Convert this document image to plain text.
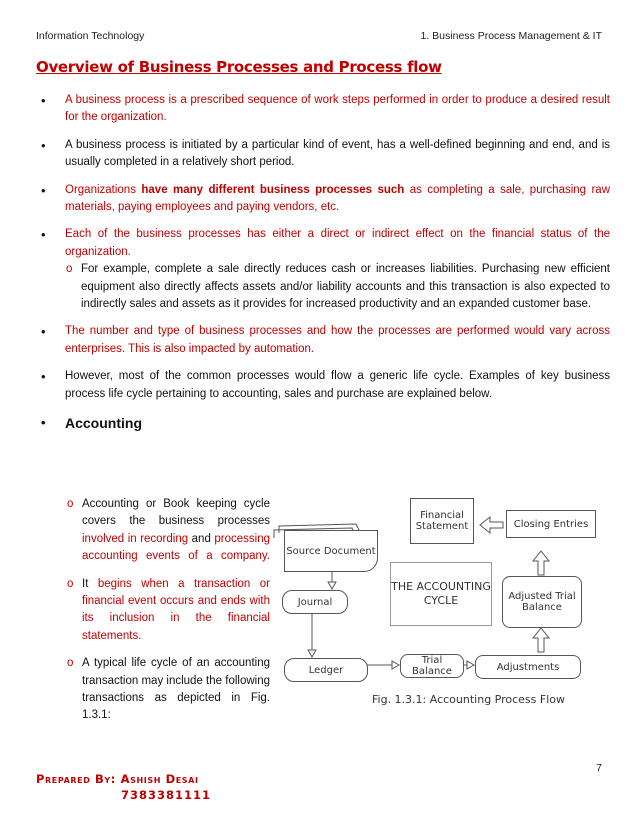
Information Technology	1. Business Process Management & IT
Overview of Business Processes and Process flow
• A business process is a prescribed sequence of work steps performed in order to produce a desired result for the organization.
• A business process is initiated by a particular kind of event, has a well-defined beginning and end, and is usually completed in a relatively short period.
• Organizations have many different business processes such as completing a sale, purchasing raw materials, paying employees and paying vendors, etc.
• Each of the business processes has either a direct or indirect effect on the financial status of the organization.
o For example, complete a sale directly reduces cash or increases liabilities. Purchasing new efficient equipment also directly affects assets and/or liability accounts and this transaction is also expected to indirectly sales and assets as it provides for increased productivity and an expanded customer base.
• The number and type of business processes and how the processes are performed would vary across enterprises. This is also impacted by automation.
• However, most of the common processes would flow a generic life cycle. Examples of key business process life cycle pertaining to accounting, sales and purchase are explained below.
• Accounting
o Accounting or Book keeping cycle covers the business processes involved in recording and processing accounting events of a company.
o It begins when a transaction or financial event occurs and ends with its inclusion in the financial statements.
o A typical life cycle of an accounting transaction may include the following transactions as depicted in Fig. 1.3.1:
Financial Statement	Closing Entries
Source Document
THE ACCOUNTING CYCLE	Adjusted Trial Balance
Journal
Ledger
Trial Balance	Adjustments
Fig. 1.3.1: Accounting Process Flow
7
Prepared By: Ashish Desai
7383381111
